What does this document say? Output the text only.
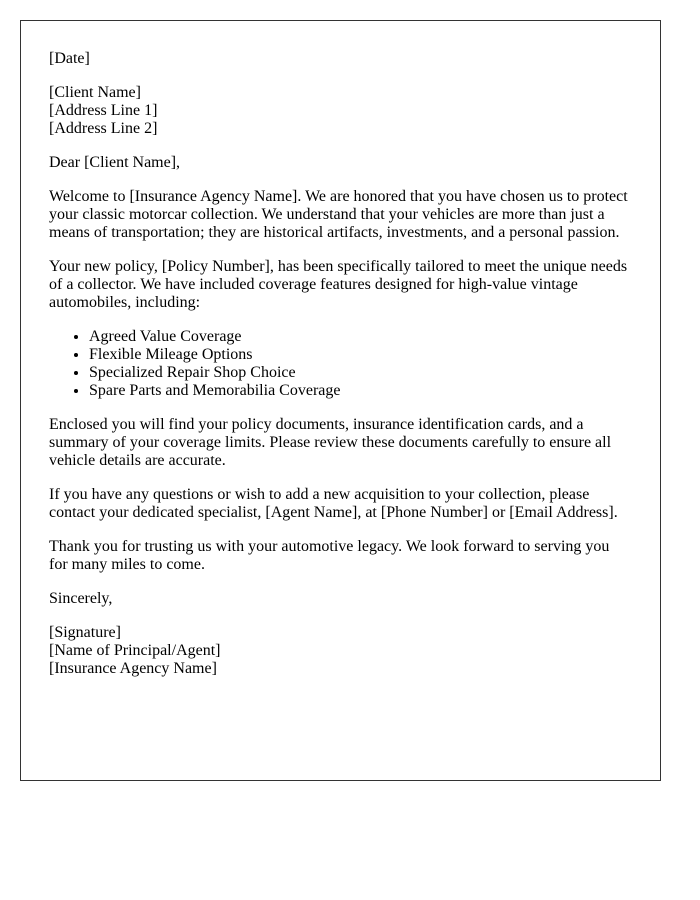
[Date]

[Client Name]
[Address Line 1]
[Address Line 2]

Dear [Client Name],

Welcome to [Insurance Agency Name]. We are honored that you have chosen us to protect your classic motorcar collection. We understand that your vehicles are more than just a means of transportation; they are historical artifacts, investments, and a personal passion.

Your new policy, [Policy Number], has been specifically tailored to meet the unique needs of a collector. We have included coverage features designed for high-value vintage automobiles, including:

• Agreed Value Coverage
• Flexible Mileage Options
• Specialized Repair Shop Choice
• Spare Parts and Memorabilia Coverage

Enclosed you will find your policy documents, insurance identification cards, and a summary of your coverage limits. Please review these documents carefully to ensure all vehicle details are accurate.

If you have any questions or wish to add a new acquisition to your collection, please contact your dedicated specialist, [Agent Name], at [Phone Number] or [Email Address].

Thank you for trusting us with your automotive legacy. We look forward to serving you for many miles to come.

Sincerely,

[Signature]
[Name of Principal/Agent]
[Insurance Agency Name]
